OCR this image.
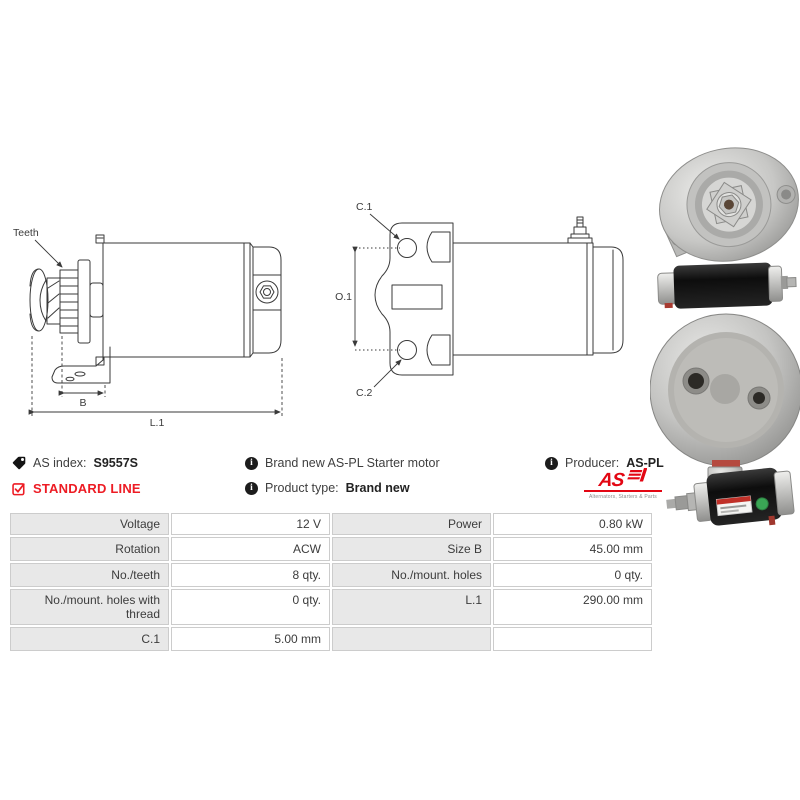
Teeth
B
L.1
C.1
O.1
C.2
AS index: S9557S
STANDARD LINE
i Brand new AS-PL Starter motor
i Product type: Brand new
i Producer: AS-PL
AS
Alternators, Starters & Parts
Voltage	12 V	Power	0.80 kW
Rotation	ACW	Size B	45.00 mm
No./teeth	8 qty.	No./mount. holes	0 qty.
No./mount. holes with thread	0 qty.	L.1	290.00 mm
C.1	5.00 mm		
